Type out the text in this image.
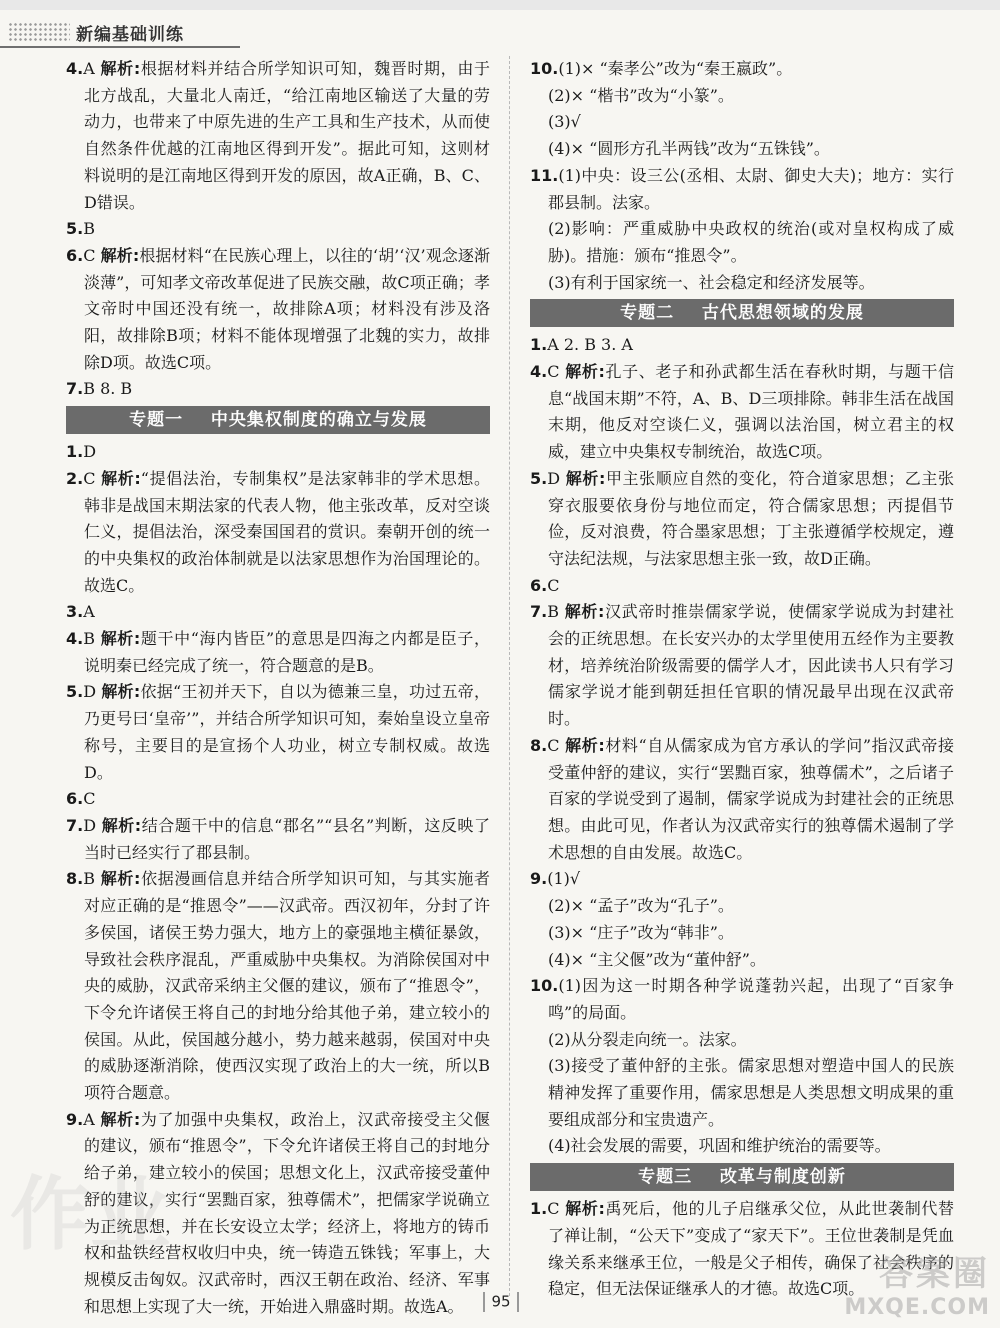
新编基础训练

4.A 解析:根据材料并结合所学知识可知，魏晋时期，由于北方战乱，大量北人南迁，“给江南地区输送了大量的劳动力，也带来了中原先进的生产工具和生产技术，从而使自然条件优越的江南地区得到开发”。据此可知，这则材料说明的是江南地区得到开发的原因，故A正确，B、C、D错误。

5.B

6.C 解析:根据材料“在民族心理上，以往的‘胡’‘汉’观念逐渐淡薄”，可知孝文帝改革促进了民族交融，故C项正确；孝文帝时中国还没有统一，故排除A项；材料没有涉及洛阳，故排除B项；材料不能体现增强了北魏的实力，故排除D项。故选C项。

7.B 8. B

专题一    中央集权制度的确立与发展

1.D

2.C 解析:“提倡法治，专制集权”是法家韩非的学术思想。韩非是战国末期法家的代表人物，他主张改革，反对空谈仁义，提倡法治，深受秦国国君的赏识。秦朝开创的统一的中央集权的政治体制就是以法家思想作为治国理论的。故选C。

3.A

4.B 解析:题干中“海内皆臣”的意思是四海之内都是臣子，说明秦已经完成了统一，符合题意的是B。

5.D 解析:依据“王初并天下，自以为德兼三皇，功过五帝，乃更号曰‘皇帝’”，并结合所学知识可知，秦始皇设立皇帝称号，主要目的是宣扬个人功业，树立专制权威。故选D。

6.C

7.D 解析:结合题干中的信息“郡名”“县名”判断，这反映了当时已经实行了郡县制。

8.B 解析:依据漫画信息并结合所学知识可知，与其实施者对应正确的是“推恩令”——汉武帝。西汉初年，分封了许多侯国，诸侯王势力强大，地方上的豪强地主横征暴敛，导致社会秩序混乱，严重威胁中央集权。为消除侯国对中央的威胁，汉武帝采纳主父偃的建议，颁布了“推恩令”，下令允许诸侯王将自己的封地分给其他子弟，建立较小的侯国。从此，侯国越分越小，势力越来越弱，侯国对中央的威胁逐渐消除，使西汉实现了政治上的大一统，所以B项符合题意。

9.A 解析:为了加强中央集权，政治上，汉武帝接受主父偃的建议，颁布“推恩令”，下令允许诸侯王将自己的封地分给子弟，建立较小的侯国；思想文化上，汉武帝接受董仲舒的建议，实行“罢黜百家，独尊儒术”，把儒家学说确立为正统思想，并在长安设立太学；经济上，将地方的铸币权和盐铁经营权收归中央，统一铸造五铢钱；军事上，大规模反击匈奴。汉武帝时，西汉王朝在政治、经济、军事和思想上实现了大一统，开始进入鼎盛时期。故选A。

10.(1)× “秦孝公”改为“秦王嬴政”。

(2)× “楷书”改为“小篆”。

(3)√

(4)× “圆形方孔半两钱”改为“五铢钱”。

11.(1)中央：设三公(丞相、太尉、御史大夫)；地方：实行郡县制。法家。

(2)影响：严重威胁中央政权的统治(或对皇权构成了威胁)。措施：颁布“推恩令”。

(3)有利于国家统一、社会稳定和经济发展等。

专题二    古代思想领域的发展

1.A 2. B 3. A

4.C 解析:孔子、老子和孙武都生活在春秋时期，与题干信息“战国末期”不符，A、B、D三项排除。韩非生活在战国末期，他反对空谈仁义，强调以法治国，树立君主的权威，建立中央集权专制统治，故选C项。

5.D 解析:甲主张顺应自然的变化，符合道家思想；乙主张穿衣服要依身份与地位而定，符合儒家思想；丙提倡节俭，反对浪费，符合墨家思想；丁主张遵循学校规定，遵守法纪法规，与法家思想主张一致，故D正确。

6.C

7.B 解析:汉武帝时推崇儒家学说，使儒家学说成为封建社会的正统思想。在长安兴办的太学里使用五经作为主要教材，培养统治阶级需要的儒学人才，因此读书人只有学习儒家学说才能到朝廷担任官职的情况最早出现在汉武帝时。

8.C 解析:材料“自从儒家成为官方承认的学问”指汉武帝接受董仲舒的建议，实行“罢黜百家，独尊儒术”，之后诸子百家的学说受到了遏制，儒家学说成为封建社会的正统思想。由此可见，作者认为汉武帝实行的独尊儒术遏制了学术思想的自由发展。故选C。

9.(1)√

(2)× “孟子”改为“孔子”。

(3)× “庄子”改为“韩非”。

(4)× “主父偃”改为“董仲舒”。

10.(1)因为这一时期各种学说蓬勃兴起，出现了“百家争鸣”的局面。

(2)从分裂走向统一。法家。

(3)接受了董仲舒的主张。儒家思想对塑造中国人的民族精神发挥了重要作用，儒家思想是人类思想文明成果的重要组成部分和宝贵遗产。

(4)社会发展的需要，巩固和维护统治的需要等。

专题三    改革与制度创新

1.C 解析:禹死后，他的儿子启继承父位，从此世袭制代替了禅让制，“公天下”变成了“家天下”。王位世袭制是凭血缘关系来继承王位，一般是父子相传，确保了社会秩序的稳定，但无法保证继承人的才德。故选C项。

95
作业
答案圈
MXQE.COM
